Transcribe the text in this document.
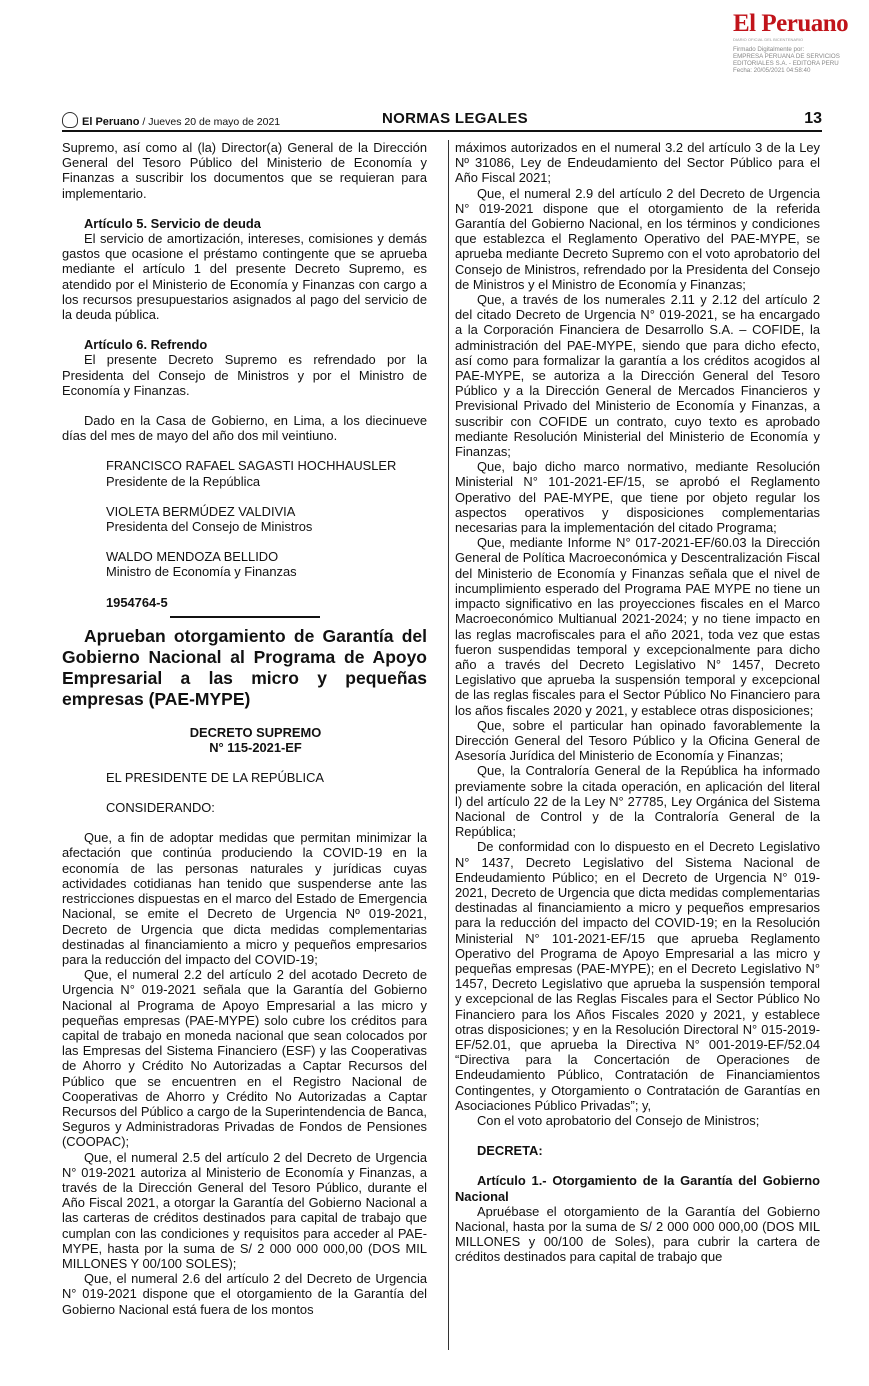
El Peruano
DIARIO OFICIAL DEL BICENTENARIO
Firmado Digitalmente por:
EMPRESA PERUANA DE SERVICIOS
EDITORIALES S.A. - EDITORA PERU
Fecha: 20/05/2021 04:58:40
El Peruano / Jueves 20 de mayo de 2021	NORMAS LEGALES	13

Supremo, así como al (la) Director(a) General de la Dirección General del Tesoro Público del Ministerio de Economía y Finanzas a suscribir los documentos que se requieran para implementario.

Artículo 5. Servicio de deuda

El servicio de amortización, intereses, comisiones y demás gastos que ocasione el préstamo contingente que se aprueba mediante el artículo 1 del presente Decreto Supremo, es atendido por el Ministerio de Economía y Finanzas con cargo a los recursos presupuestarios asignados al pago del servicio de la deuda pública.

Artículo 6. Refrendo

El presente Decreto Supremo es refrendado por la Presidenta del Consejo de Ministros y por el Ministro de Economía y Finanzas.

Dado en la Casa de Gobierno, en Lima, a los diecinueve días del mes de mayo del año dos mil veintiuno.

FRANCISCO RAFAEL SAGASTI HOCHHAUSLER

Presidente de la República

VIOLETA BERMÚDEZ VALDIVIA

Presidenta del Consejo de Ministros

WALDO MENDOZA BELLIDO

Ministro de Economía y Finanzas

1954764-5

Aprueban otorgamiento de Garantía del Gobierno Nacional al Programa de Apoyo Empresarial a las micro y pequeñas empresas (PAE-MYPE)

DECRETO SUPREMO

N° 115-2021-EF

EL PRESIDENTE DE LA REPÚBLICA

CONSIDERANDO:

Que, a fin de adoptar medidas que permitan minimizar la afectación que continúa produciendo la COVID-19 en la economía de las personas naturales y jurídicas cuyas actividades cotidianas han tenido que suspenderse ante las restricciones dispuestas en el marco del Estado de Emergencia Nacional, se emite el Decreto de Urgencia Nº 019-2021, Decreto de Urgencia que dicta medidas complementarias destinadas al financiamiento a micro y pequeños empresarios para la reducción del impacto del COVID-19;

Que, el numeral 2.2 del artículo 2 del acotado Decreto de Urgencia N° 019-2021 señala que la Garantía del Gobierno Nacional al Programa de Apoyo Empresarial a las micro y pequeñas empresas (PAE-MYPE) solo cubre los créditos para capital de trabajo en moneda nacional que sean colocados por las Empresas del Sistema Financiero (ESF) y las Cooperativas de Ahorro y Crédito No Autorizadas a Captar Recursos del Público que se encuentren en el Registro Nacional de Cooperativas de Ahorro y Crédito No Autorizadas a Captar Recursos del Público a cargo de la Superintendencia de Banca, Seguros y Administradoras Privadas de Fondos de Pensiones (COOPAC);

Que, el numeral 2.5 del artículo 2 del Decreto de Urgencia N° 019-2021 autoriza al Ministerio de Economía y Finanzas, a través de la Dirección General del Tesoro Público, durante el Año Fiscal 2021, a otorgar la Garantía del Gobierno Nacional a las carteras de créditos destinados para capital de trabajo que cumplan con las condiciones y requisitos para acceder al PAE-MYPE, hasta por la suma de S/ 2 000 000 000,00 (DOS MIL MILLONES Y 00/100 SOLES);

Que, el numeral 2.6 del artículo 2 del Decreto de Urgencia N° 019-2021 dispone que el otorgamiento de la Garantía del Gobierno Nacional está fuera de los montos

máximos autorizados en el numeral 3.2 del artículo 3 de la Ley Nº 31086, Ley de Endeudamiento del Sector Público para el Año Fiscal 2021;

Que, el numeral 2.9 del artículo 2 del Decreto de Urgencia N° 019-2021 dispone que el otorgamiento de la referida Garantía del Gobierno Nacional, en los términos y condiciones que establezca el Reglamento Operativo del PAE-MYPE, se aprueba mediante Decreto Supremo con el voto aprobatorio del Consejo de Ministros, refrendado por la Presidenta del Consejo de Ministros y el Ministro de Economía y Finanzas;

Que, a través de los numerales 2.11 y 2.12 del artículo 2 del citado Decreto de Urgencia N° 019-2021, se ha encargado a la Corporación Financiera de Desarrollo S.A. – COFIDE, la administración del PAE-MYPE, siendo que para dicho efecto, así como para formalizar la garantía a los créditos acogidos al PAE-MYPE, se autoriza a la Dirección General del Tesoro Público y a la Dirección General de Mercados Financieros y Previsional Privado del Ministerio de Economía y Finanzas, a suscribir con COFIDE un contrato, cuyo texto es aprobado mediante Resolución Ministerial del Ministerio de Economía y Finanzas;

Que, bajo dicho marco normativo, mediante Resolución Ministerial N° 101-2021-EF/15, se aprobó el Reglamento Operativo del PAE-MYPE, que tiene por objeto regular los aspectos operativos y disposiciones complementarias necesarias para la implementación del citado Programa;

Que, mediante Informe N° 017-2021-EF/60.03 la Dirección General de Política Macroeconómica y Descentralización Fiscal del Ministerio de Economía y Finanzas señala que el nivel de incumplimiento esperado del Programa PAE MYPE no tiene un impacto significativo en las proyecciones fiscales en el Marco Macroeconómico Multianual 2021-2024; y no tiene impacto en las reglas macrofiscales para el año 2021, toda vez que estas fueron suspendidas temporal y excepcionalmente para dicho año a través del Decreto Legislativo N° 1457, Decreto Legislativo que aprueba la suspensión temporal y excepcional de las reglas fiscales para el Sector Público No Financiero para los años fiscales 2020 y 2021, y establece otras disposiciones;

Que, sobre el particular han opinado favorablemente la Dirección General del Tesoro Público y la Oficina General de Asesoría Jurídica del Ministerio de Economía y Finanzas;

Que, la Contraloría General de la República ha informado previamente sobre la citada operación, en aplicación del literal l) del artículo 22 de la Ley N° 27785, Ley Orgánica del Sistema Nacional de Control y de la Contraloría General de la República;

De conformidad con lo dispuesto en el Decreto Legislativo N° 1437, Decreto Legislativo del Sistema Nacional de Endeudamiento Público; en el Decreto de Urgencia N° 019-2021, Decreto de Urgencia que dicta medidas complementarias destinadas al financiamiento a micro y pequeños empresarios para la reducción del impacto del COVID-19; en la Resolución Ministerial N° 101-2021-EF/15 que aprueba Reglamento Operativo del Programa de Apoyo Empresarial a las micro y pequeñas empresas (PAE-MYPE); en el Decreto Legislativo N° 1457, Decreto Legislativo que aprueba la suspensión temporal y excepcional de las Reglas Fiscales para el Sector Público No Financiero para los Años Fiscales 2020 y 2021, y establece otras disposiciones; y en la Resolución Directoral N° 015-2019-EF/52.01, que aprueba la Directiva N° 001-2019-EF/52.04 “Directiva para la Concertación de Operaciones de Endeudamiento Público, Contratación de Financiamientos Contingentes, y Otorgamiento o Contratación de Garantías en Asociaciones Público Privadas”; y,

Con el voto aprobatorio del Consejo de Ministros;

DECRETA:

Artículo 1.- Otorgamiento de la Garantía del Gobierno Nacional

Apruébase el otorgamiento de la Garantía del Gobierno Nacional, hasta por la suma de S/ 2 000 000 000,00 (DOS MIL MILLONES y 00/100 de Soles), para cubrir la cartera de créditos destinados para capital de trabajo que
